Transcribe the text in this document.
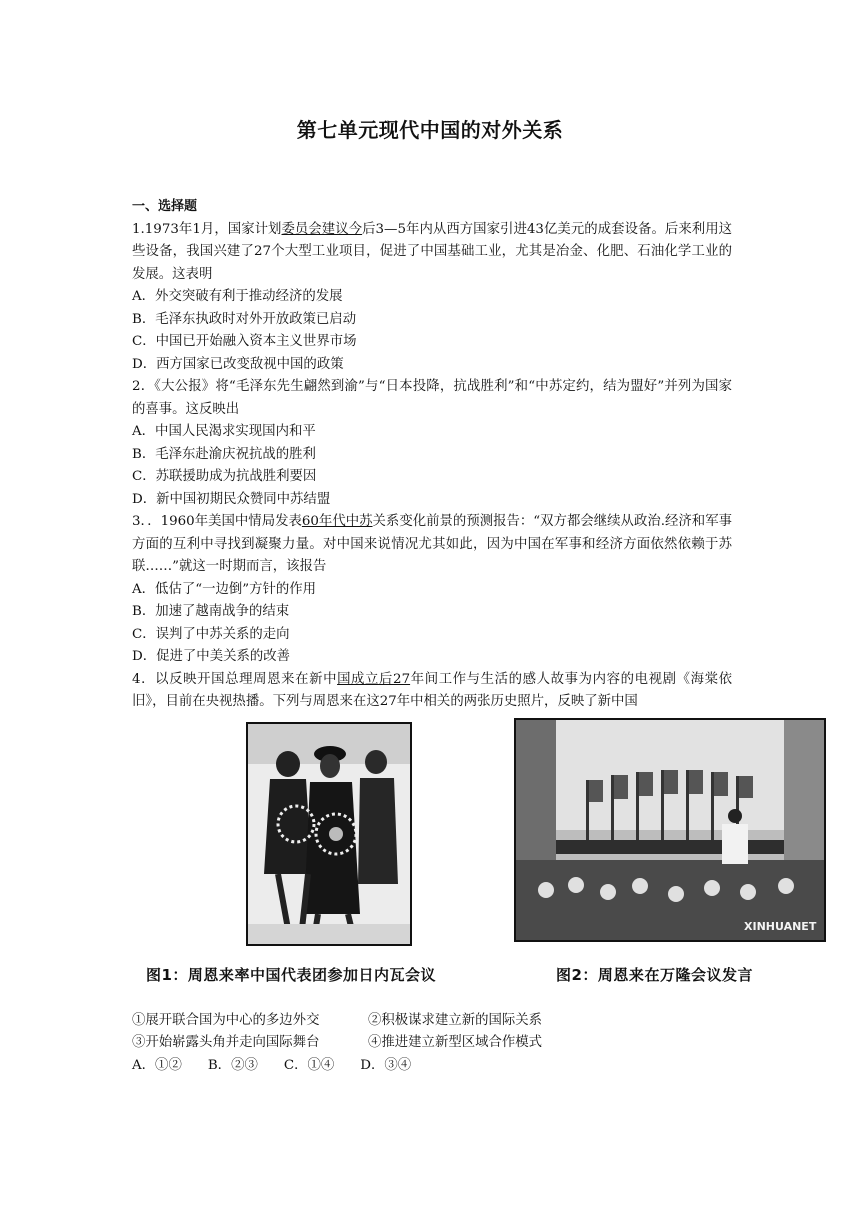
第七单元现代中国的对外关系

一、选择题

1.1973年1月，国家计划委员会建议今后3—5年内从西方国家引进43亿美元的成套设备。后来利用这些设备，我国兴建了27个大型工业项目，促进了中国基础工业，尤其是冶金、化肥、石油化学工业的发展。这表明

A．外交突破有利于推动经济的发展

B．毛泽东执政时对外开放政策已启动

C．中国已开始融入资本主义世界市场

D．西方国家已改变敌视中国的政策

2．《大公报》将“毛泽东先生翩然到渝”与“日本投降，抗战胜利”和“中苏定约，结为盟好”并列为国家的喜事。这反映出

A．中国人民渴求实现国内和平

B．毛泽东赴渝庆祝抗战的胜利

C．苏联援助成为抗战胜利要因

D．新中国初期民众赞同中苏结盟

3．．1960年美国中情局发表60年代中苏关系变化前景的预测报告：“双方都会继续从政治.经济和军事方面的互利中寻找到凝聚力量。对中国来说情况尤其如此，因为中国在军事和经济方面依然依赖于苏联……”就这一时期而言，该报告

A．低估了“一边倒”方针的作用

B．加速了越南战争的结束

C．误判了中苏关系的走向

D．促进了中美关系的改善

4．以反映开国总理周恩来在新中国成立后27年间工作与生活的感人故事为内容的电视剧《海棠依旧》，目前在央视热播。下列与周恩来在这27年中相关的两张历史照片，反映了新中国

XINHUANET
图1：周恩来率中国代表团参加日内瓦会议	图2：周恩来在万隆会议发言
①展开联合国为中心的多边外交	②积极谋求建立新的国际关系
③开始崭露头角并走向国际舞台	④推进建立新型区域合作模式
A．①② B．②③ C．①④ D．③④
